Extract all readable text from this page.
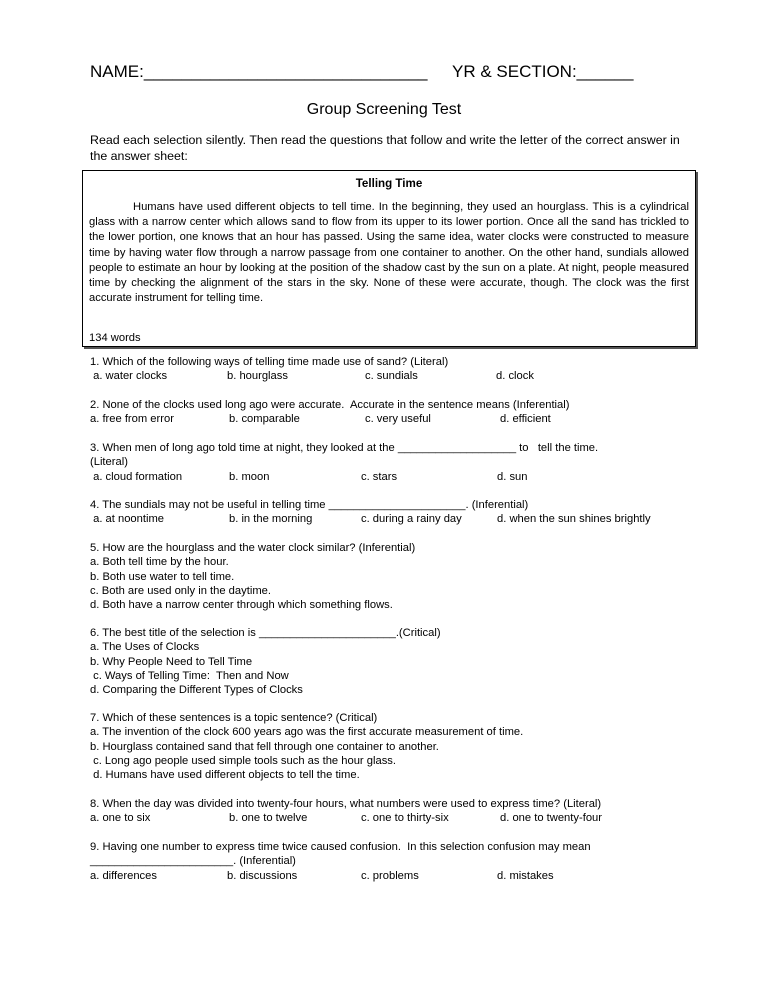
NAME:______________________________ YR & SECTION:______
Group Screening Test
Read each selection silently. Then read the questions that follow and write the letter of the correct answer in the answer sheet:
Telling Time

Humans have used different objects to tell time. In the beginning, they used an hourglass. This is a cylindrical glass with a narrow center which allows sand to flow from its upper to its lower portion. Once all the sand has trickled to the lower portion, one knows that an hour has passed. Using the same idea, water clocks were constructed to measure time by having water flow through a narrow passage from one container to another. On the other hand, sundials allowed people to estimate an hour by looking at the position of the shadow cast by the sun on a plate. At night, people measured time by checking the alignment of the stars in the sky. None of these were accurate, though. The clock was the first accurate instrument for telling time.

134 words
1. Which of the following ways of telling time made use of sand? (Literal)
a. water clocks	b. hourglass	c. sundials	d. clock
2. None of the clocks used long ago were accurate.  Accurate in the sentence means (Inferential)
a. free from error	b. comparable	c. very useful	d. efficient
3. When men of long ago told time at night, they looked at the ___________________ to   tell the time.
(Literal)
a. cloud formation	b. moon	c. stars	d. sun
4. The sundials may not be useful in telling time ______________________. (Inferential)
a. at noontime	b. in the morning	c. during a rainy day	d. when the sun shines brightly
5. How are the hourglass and the water clock similar? (Inferential)
a. Both tell time by the hour.
b. Both use water to tell time.
c. Both are used only in the daytime.
d. Both have a narrow center through which something flows.
6. The best title of the selection is ______________________.(Critical)
a. The Uses of Clocks
b. Why People Need to Tell Time
c. Ways of Telling Time:  Then and Now
d. Comparing the Different Types of Clocks
7. Which of these sentences is a topic sentence? (Critical)
a. The invention of the clock 600 years ago was the first accurate measurement of time.
b. Hourglass contained sand that fell through one container to another.
c. Long ago people used simple tools such as the hour glass.
d. Humans have used different objects to tell the time.
8. When the day was divided into twenty-four hours, what numbers were used to express time? (Literal)
a. one to six	b. one to twelve	c. one to thirty-six	d. one to twenty-four
9. Having one number to express time twice caused confusion.  In this selection confusion may mean
_______________________. (Inferential)
a. differences	b. discussions	c. problems	d. mistakes
